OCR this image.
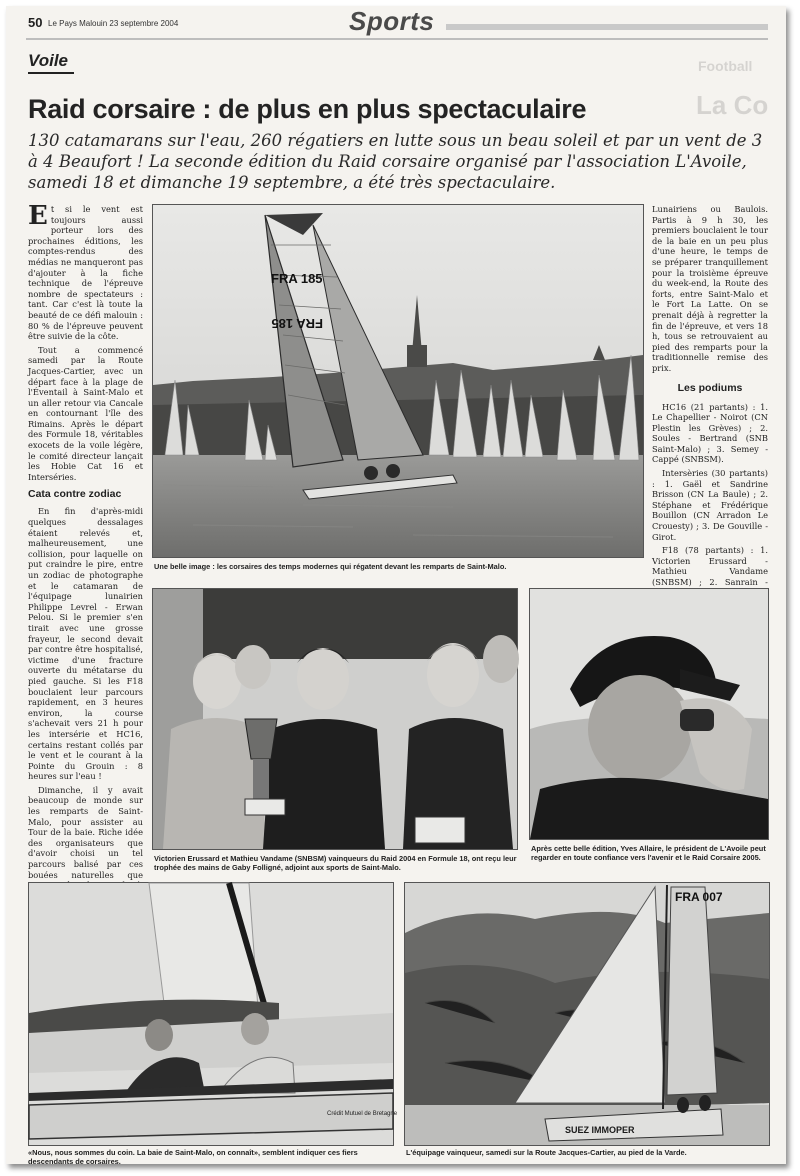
50 Le Pays Malouin 23 septembre 2004	Sports
Voile	Football
La Co
Raid corsaire : de plus en plus spectaculaire
130 catamarans sur l'eau, 260 régatiers en lutte sous un beau soleil et par un vent de 3 à 4 Beaufort ! La seconde édition du Raid corsaire organisé par l'association L'Avoile, samedi 18 et dimanche 19 septembre, a été très spectaculaire.

Et si le vent est toujours aussi porteur lors des prochaines éditions, les comptes-rendus des médias ne manqueront pas d'ajouter à la fiche technique de l'épreuve nombre de spectateurs : tant. Car c'est là toute la beauté de ce défi malouin : 80 % de l'épreuve peuvent être suivie de la côte.

Tout a commencé samedi par la Route Jacques-Cartier, avec un départ face à la plage de l'Éventail à Saint-Malo et un aller retour via Cancale en contournant l'île des Rimains. Après le départ des Formule 18, véritables exocets de la voile légère, le comité directeur lançait les Hobie Cat 16 et Interséries.

Cata contre zodiac

En fin d'après-midi quelques dessalages étaient relevés et, malheureusement, une collision, pour laquelle on put craindre le pire, entre un zodiac de photographe et le catamaran de l'équipage lunairien Philippe Levrel - Erwan Pelou. Si le premier s'en tirait avec une grosse frayeur, le second devait par contre être hospitalisé, victime d'une fracture ouverte du métatarse du pied gauche. Si les F18 bouclaient leur parcours rapidement, en 3 heures environ, la course s'achevait vers 21 h pour les intersérie et HC16, certains restant collés par le vent et le courant à la Pointe du Grouin : 8 heures sur l'eau !

Dimanche, il y avait beaucoup de monde sur les remparts de Saint-Malo, pour assister au Tour de la baie. Riche idée des organisateurs que d'avoir choisi un tel parcours balisé par ces bouées naturelles que

Lunairiens ou Baulois. Partis à 9 h 30, les premiers bouclaient le tour de la baie en un peu plus d'une heure, le temps de se préparer tranquillement pour la troisième épreuve du week-end, la Route des forts, entre Saint-Malo et le Fort La Latte. On se prenait déjà à regretter la fin de l'épreuve, et vers 18 h, tous se retrouvaient au pied des remparts pour la traditionnelle remise des prix.

Les podiums

HC16 (21 partants) : 1. Le Chapellier - Noirot (CN Plestin les Grèves) ; 2. Soules - Bertrand (SNB Saint-Malo) ; 3. Semey - Cappé (SNBSM).

Intersèries (30 partants) : 1. Gaël et Sandrine Brisson (CN La Baule) ; 2. Stéphane et Frédérique Bouillon (CN Arradon Le Crouesty) ; 3. De Gouville - Girot.

F18 (78 partants) : 1. Victorien Erussard - Mathieu Vandame (SNBSM) ; 2. Sanrain -

FRA 185
FRA 185
Une belle image : les corsaires des temps modernes qui régatent devant les remparts de Saint-Malo.
Victorien Erussard et Mathieu Vandame (SNBSM) vainqueurs du Raid 2004 en Formule 18, ont reçu leur trophée des mains de Gaby Folligné, adjoint aux sports de Saint-Malo.
Après cette belle édition, Yves Allaire, le président de L'Avoile peut regarder en toute confiance vers l'avenir et le Raid Corsaire 2005.
Crédit Mutuel de Bretagne
«Nous, nous sommes du coin. La baie de Saint-Malo, on connaît», semblent indiquer ces fiers descendants de corsaires.
FRA 007
SUEZ IMMOPER
L'équipage vainqueur, samedi sur la Route Jacques-Cartier, au pied de la Varde.
